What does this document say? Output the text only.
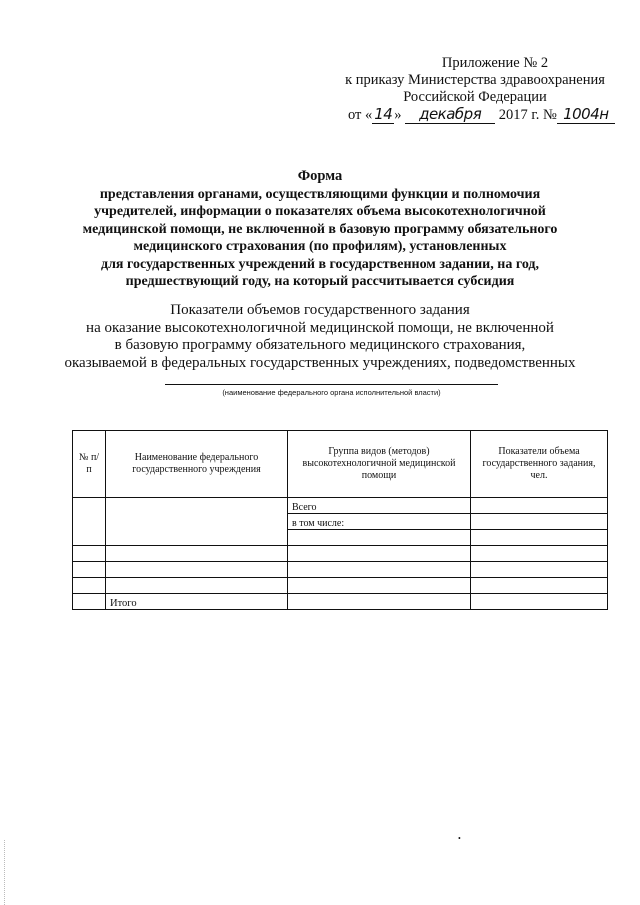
Приложение № 2
к приказу Министерства здравоохранения
Российской Федерации
от « 14 » декабря 2017 г. № 1004н
Форма
представления органами, осуществляющими функции и полномочия
учредителей, информации о показателях объема высокотехнологичной
медицинской помощи, не включенной в базовую программу обязательного
медицинского страхования (по профилям), установленных
для государственных учреждений в государственном задании, на год,
предшествующий году, на который рассчитывается субсидия
Показатели объемов государственного задания
на оказание высокотехнологичной медицинской помощи, не включенной
в базовую программу обязательного медицинского страхования,
оказываемой в федеральных государственных учреждениях, подведомственных
(наименование федерального органа исполнительной власти)
№ п/п	Наименование федерального государственного учреждения	Группа видов (методов) высокотехнологичной медицинской помощи	Показатели объема государственного задания, чел.
		Всего	
		в том числе:	

	Итого		
•
